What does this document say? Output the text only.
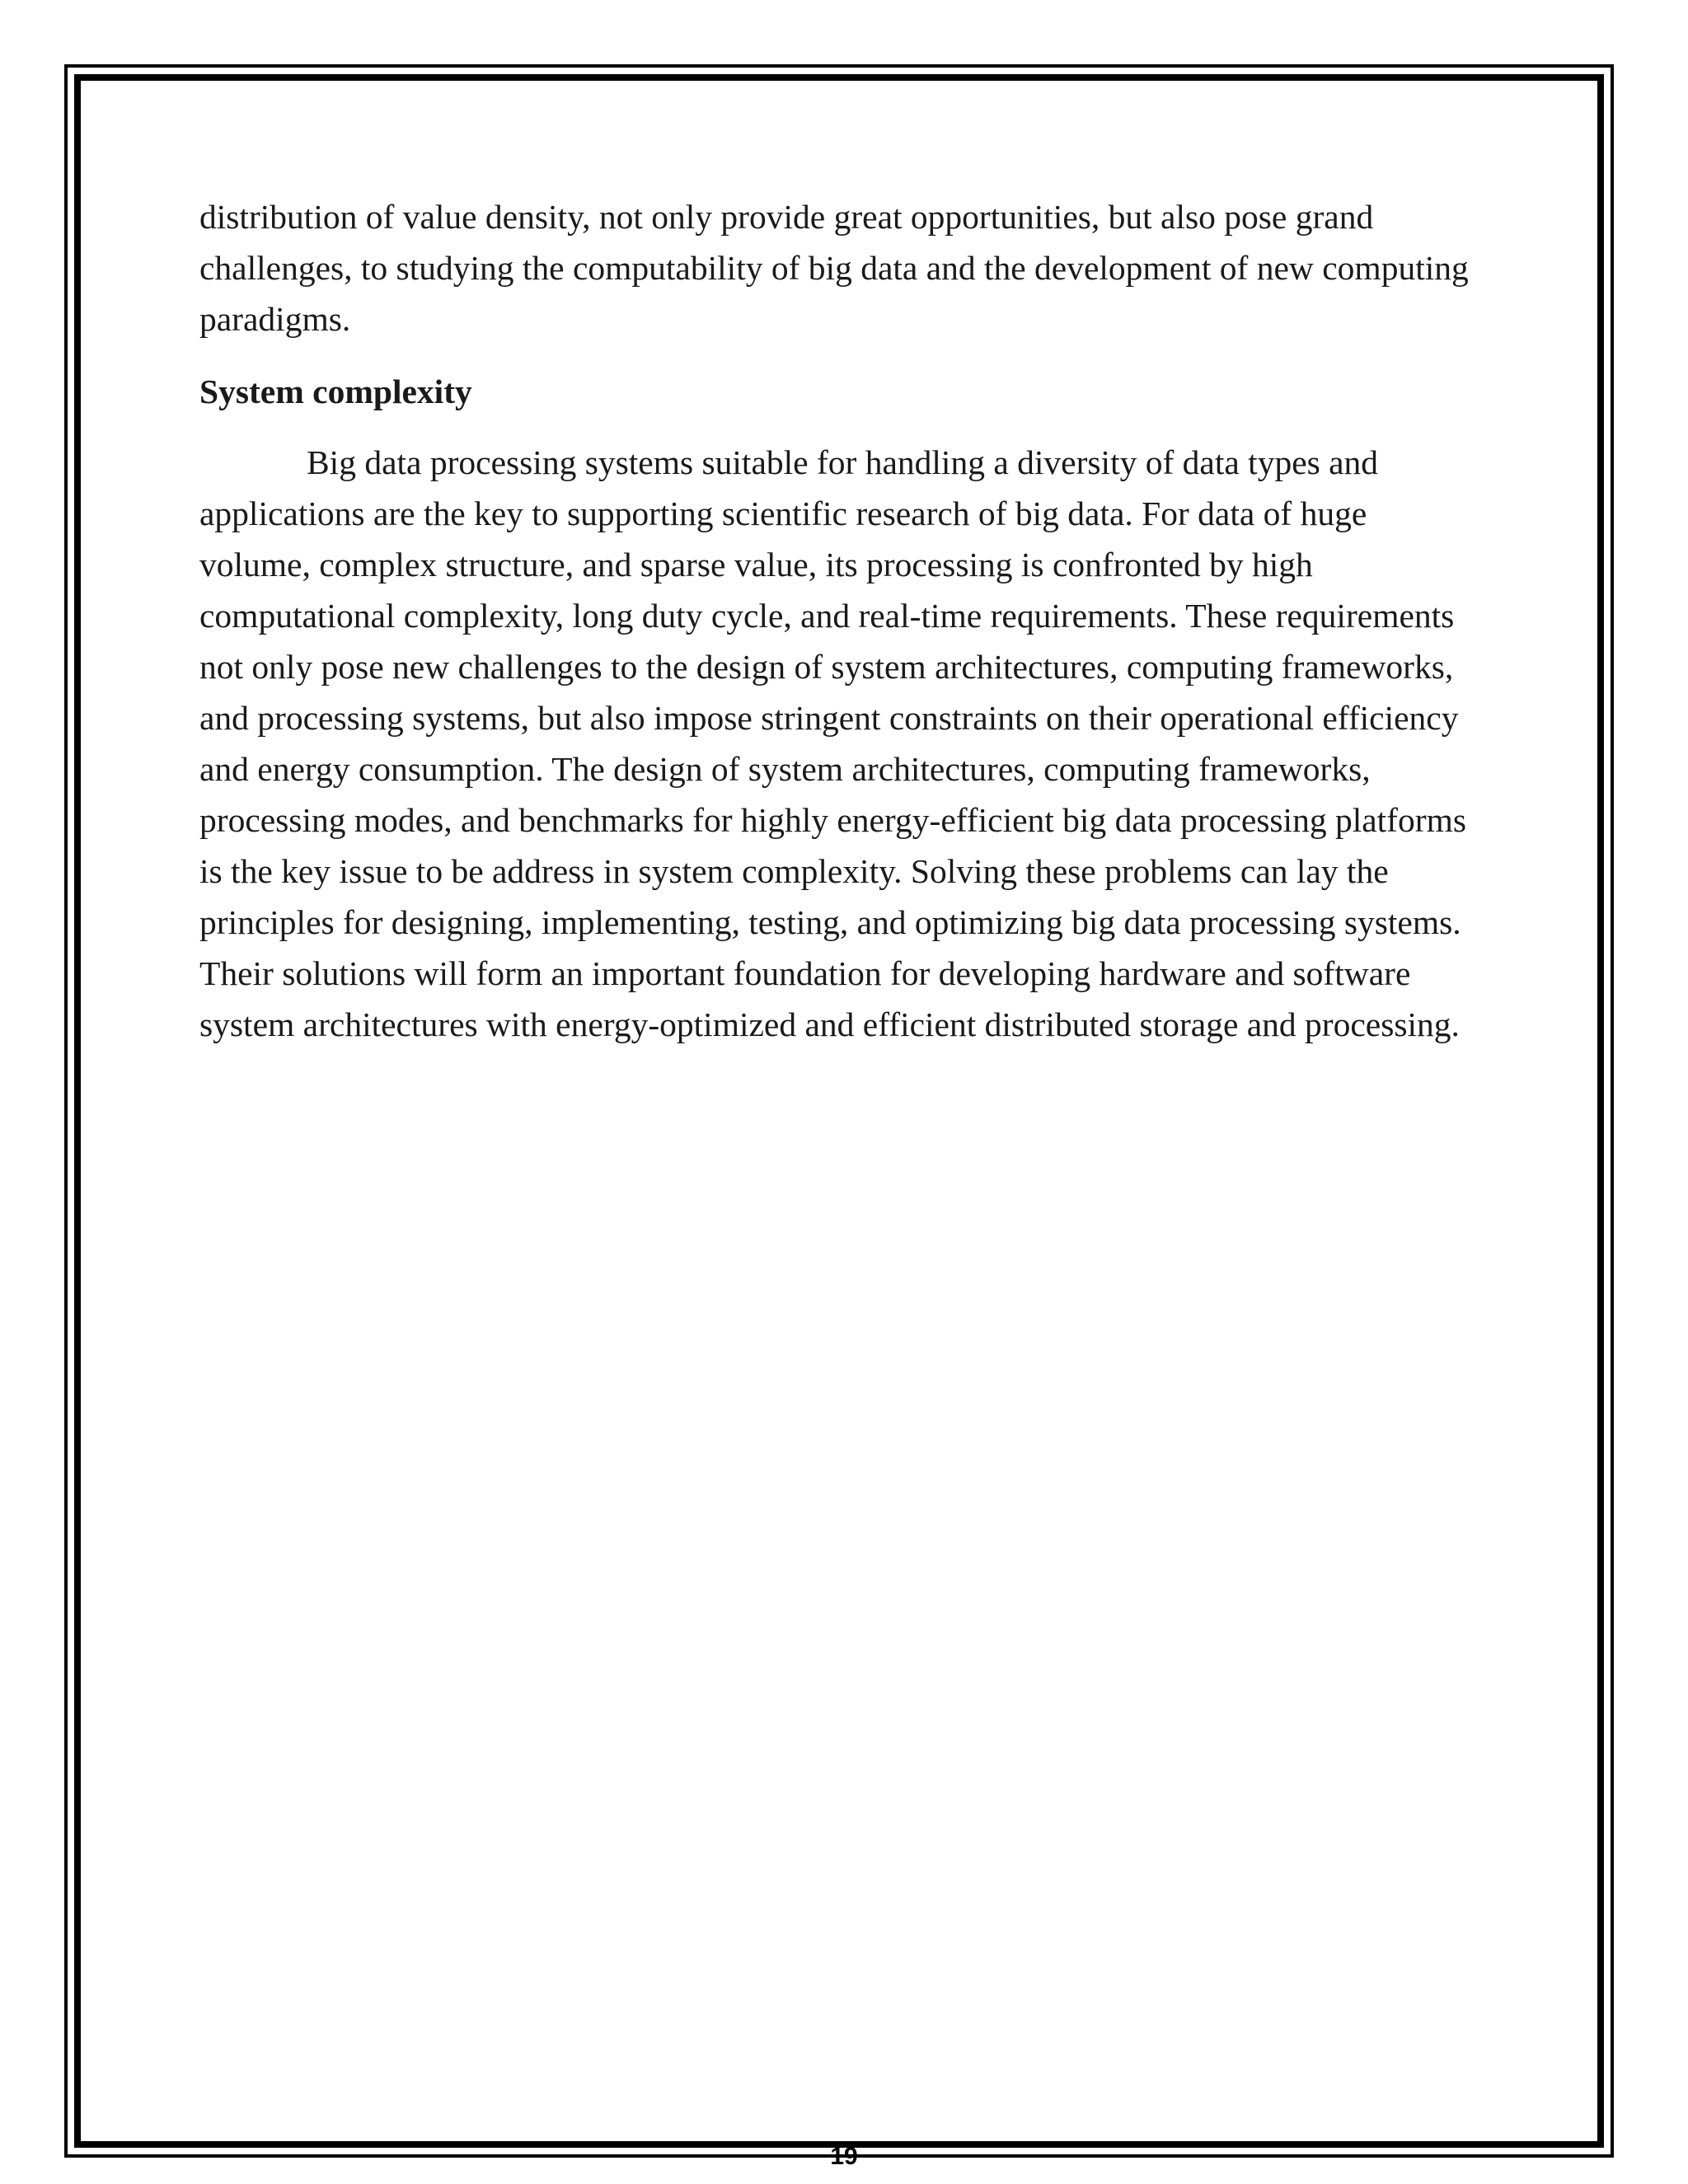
distribution of value density, not only provide great opportunities, but also pose grand challenges, to studying the computability of big data and the development of new computing paradigms.

System complexity

Big data processing systems suitable for handling a diversity of data types and applications are the key to supporting scientific research of big data. For data of huge volume, complex structure, and sparse value, its processing is confronted by high computational complexity, long duty cycle, and real-time requirements. These requirements not only pose new challenges to the design of system architectures, computing frameworks, and processing systems, but also impose stringent constraints on their operational efficiency and energy consumption. The design of system architectures, computing frameworks, processing modes, and benchmarks for highly energy-efficient big data processing platforms is the key issue to be address in system complexity. Solving these problems can lay the principles for designing, implementing, testing, and optimizing big data processing systems. Their solutions will form an important foundation for developing hardware and software system architectures with energy-optimized and efficient distributed storage and processing.

19
